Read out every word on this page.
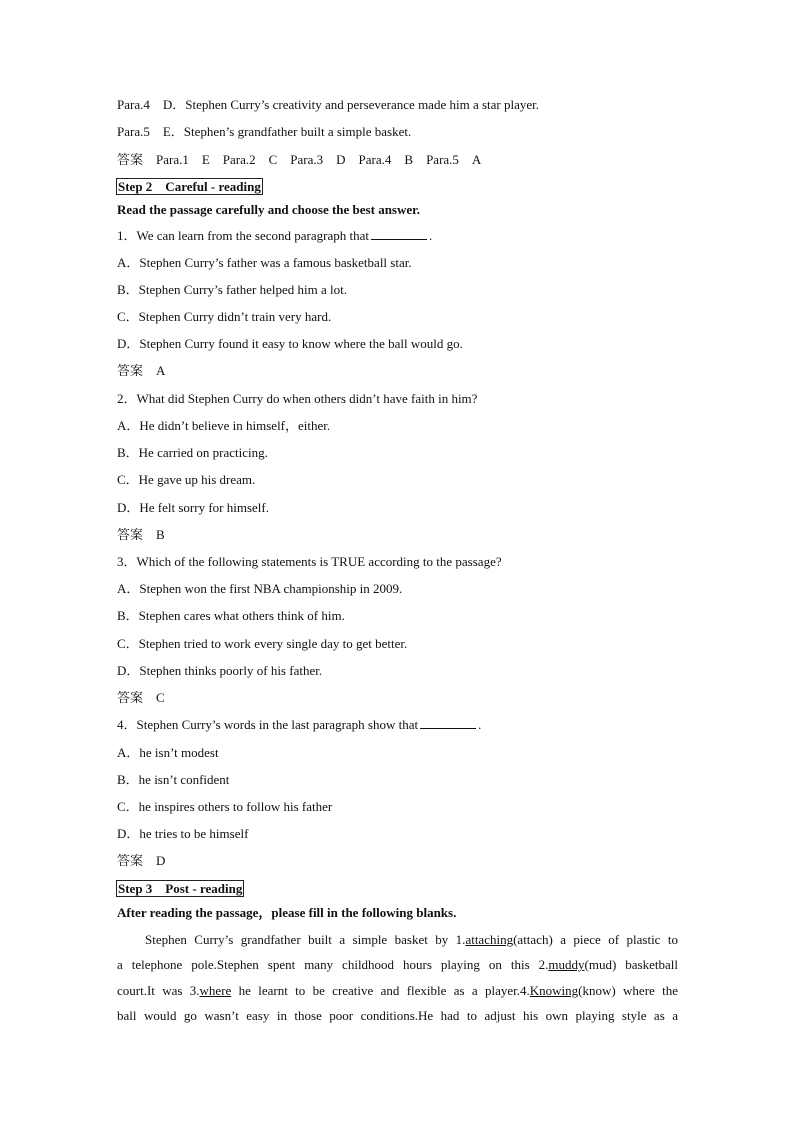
Para.4　D．Stephen Curry’s creativity and perseverance made him a star player.
Para.5　E．Stephen’s grandfather built a simple basket.
答案　Para.1　E　Para.2　C　Para.3　D　Para.4　B　Para.5　A
Step 2　Careful - reading
Read the passage carefully and choose the best answer.
1．We can learn from the second paragraph that	.
A．Stephen Curry’s father was a famous basketball star.
B．Stephen Curry’s father helped him a lot.
C．Stephen Curry didn’t train very hard.
D．Stephen Curry found it easy to know where the ball would go.
答案　A
2．What did Stephen Curry do when others didn’t have faith in him?
A．He didn’t believe in himself，either.
B．He carried on practicing.
C．He gave up his dream.
D．He felt sorry for himself.
答案　B
3．Which of the following statements is TRUE according to the passage?
A．Stephen won the first NBA championship in 2009.
B．Stephen cares what others think of him.
C．Stephen tried to work every single day to get better.
D．Stephen thinks poorly of his father.
答案　C
4．Stephen Curry’s words in the last paragraph show that	.
A．he isn’t modest
B．he isn’t confident
C．he inspires others to follow his father
D．he tries to be himself
答案　D
Step 3　Post - reading
After reading the passage，please fill in the following blanks.
Stephen Curry’s grandfather built a simple basket by 1.attaching(attach) a piece of plastic to
a telephone pole.Stephen spent many childhood hours playing on this 2.muddy(mud) basketball
court.It was 3.where he learnt to be creative and flexible as a player.4.Knowing(know) where the
ball would go wasn’t easy in those poor conditions.He had to adjust his own playing style as a
